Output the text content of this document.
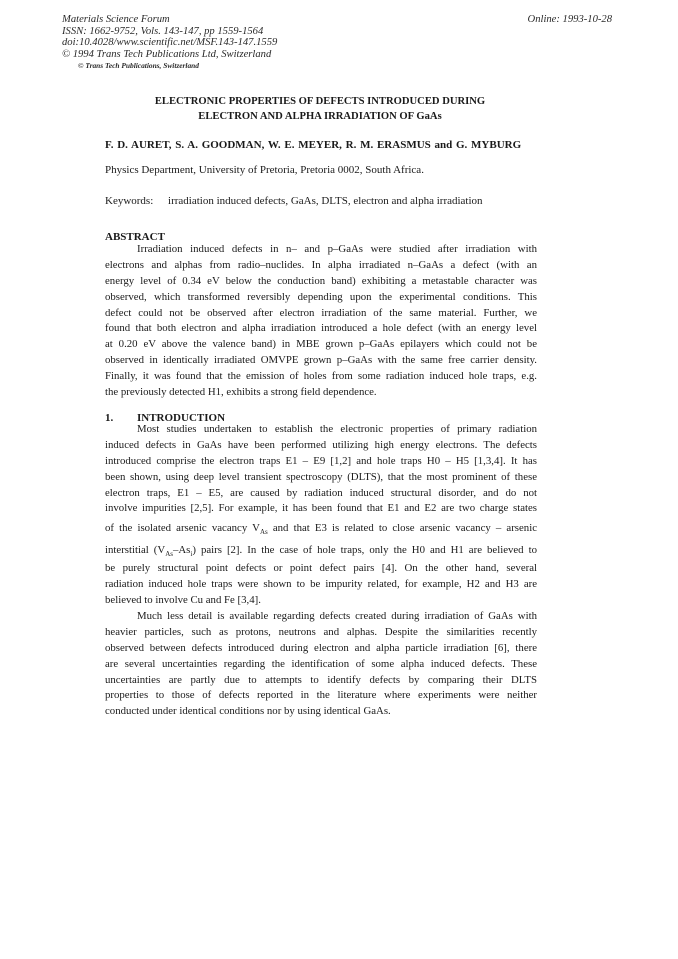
Materials Science Forum
ISSN: 1662-9752, Vols. 143-147, pp 1559-1564
doi:10.4028/www.scientific.net/MSF.143-147.1559
© 1994 Trans Tech Publications Ltd, Switzerland
© Trans Tech Publications, Switzerland
Online: 1993-10-28
ELECTRONIC PROPERTIES OF DEFECTS INTRODUCED DURING
ELECTRON AND ALPHA IRRADIATION OF GaAs
F. D. AURET, S. A. GOODMAN, W. E. MEYER, R. M. ERASMUS and G. MYBURG
Physics Department, University of Pretoria, Pretoria 0002, South Africa.
Keywords: irradiation induced defects, GaAs, DLTS, electron and alpha irradiation
ABSTRACT
Irradiation induced defects in n– and p–GaAs were studied after irradiation with
electrons and alphas from radio–nuclides. In alpha irradiated n–GaAs a defect (with an
energy level of 0.34 eV below the conduction band) exhibiting a metastable character was
observed, which transformed reversibly depending upon the experimental conditions. This
defect could not be observed after electron irradiation of the same material. Further, we
found that both electron and alpha irradiation introduced a hole defect (with an energy level
at 0.20 eV above the valence band) in MBE grown p–GaAs epilayers which could not be
observed in identically irradiated OMVPE grown p–GaAs with the same free carrier density.
Finally, it was found that the emission of holes from some radiation induced hole traps, e.g.
the previously detected H1, exhibits a strong field dependence.
1. INTRODUCTION
Most studies undertaken to establish the electronic properties of primary radiation
induced defects in GaAs have been performed utilizing high energy electrons. The defects
introduced comprise the electron traps E1 – E9 [1,2] and hole traps H0 – H5 [1,3,4]. It has
been shown, using deep level transient spectroscopy (DLTS), that the most prominent of these
electron traps, E1 – E5, are caused by radiation induced structural disorder, and do not
involve impurities [2,5]. For example, it has been found that E1 and E2 are two charge states
of the isolated arsenic vacancy $V_{As}$ and that E3 is related to close arsenic vacancy – arsenic
interstitial $(V_{As}-As_i)$ pairs [2]. In the case of hole traps, only the H0 and H1 are believed to
be purely structural point defects or point defect pairs [4]. On the other hand, several
radiation induced hole traps were shown to be impurity related, for example, H2 and H3 are
believed to involve Cu and Fe [3,4].
Much less detail is available regarding defects created during irradiation of GaAs with
heavier particles, such as protons, neutrons and alphas. Despite the similarities recently
observed between defects introduced during electron and alpha particle irradiation [6], there
are several uncertainties regarding the identification of some alpha induced defects. These
uncertainties are partly due to attempts to identify defects by comparing their DLTS
properties to those of defects reported in the literature where experiments were neither
conducted under identical conditions nor by using identical GaAs.
